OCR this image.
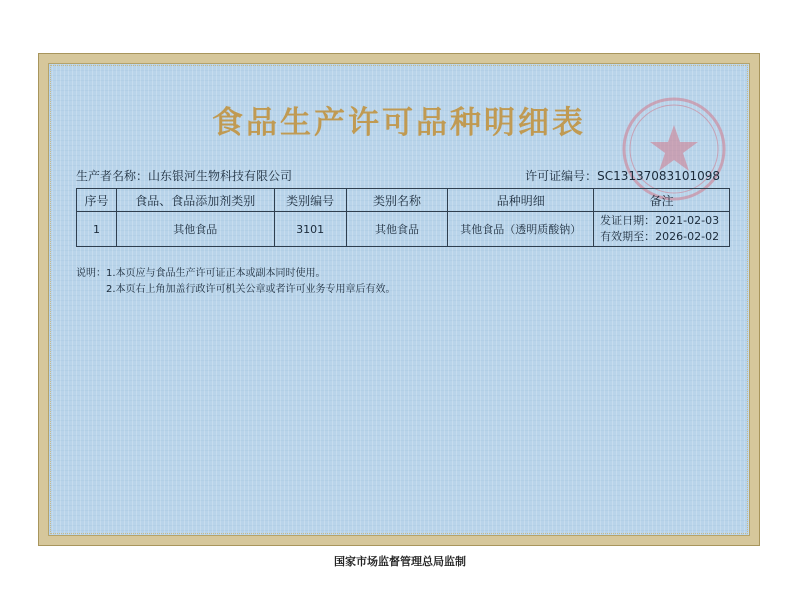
食品生产许可品种明细表
生产者名称：山东银河生物科技有限公司	许可证编号：SC13137083101098
序号	食品、食品添加剂类别	类别编号	类别名称	品种明细	备注
1	其他食品	3101	其他食品	其他食品（透明质酸钠）	发证日期：2021-02-03
有效期至：2026-02-02
说明：1.本页应与食品生产许可证正本或副本同时使用。
2.本页右上角加盖行政许可机关公章或者许可业务专用章后有效。
国家市场监督管理总局监制
